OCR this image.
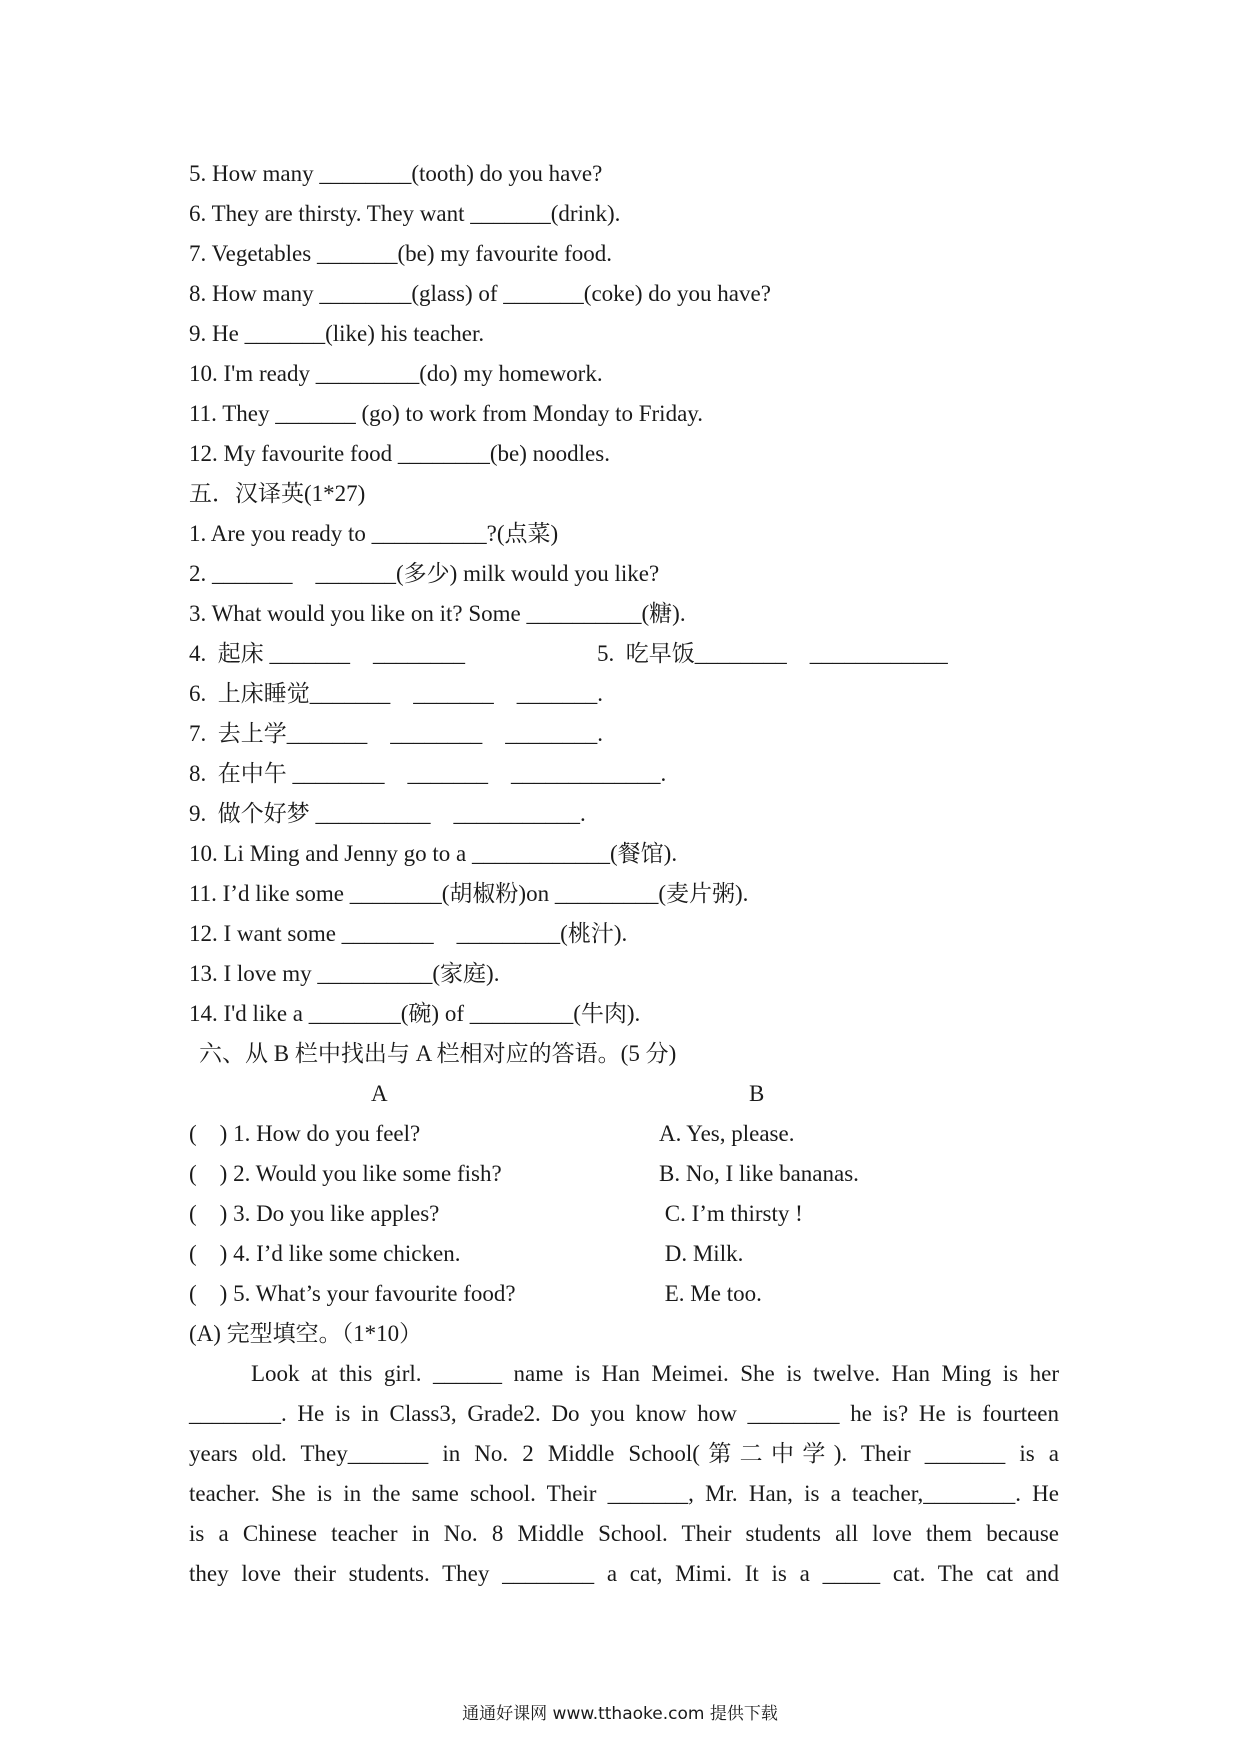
5. How many ________(tooth) do you have?
6. They are thirsty. They want _______(drink).
7. Vegetables _______(be) my favourite food.
8. How many ________(glass) of _______(coke) do you have?
9. He _______(like) his teacher.
10. I'm ready _________(do) my homework.
11. They _______ (go) to work from Monday to Friday.
12. My favourite food ________(be) noodles.
五．汉译英(1*27)
1. Are you ready to __________?(点菜)
2. _______    _______(多少) milk would you like?
3. What would you like on it? Some __________(糖).
4.  起床 _______    ________	5.  吃早饭________    ____________
6.  上床睡觉_______    _______    _______.
7.  去上学_______    ________    ________.
8.  在中午 ________    _______    _____________.
9.  做个好梦 __________    ___________.
10. Li Ming and Jenny go to a ____________(餐馆).
11. I’d like some ________(胡椒粉)on _________(麦片粥).
12. I want some ________    _________(桃汁).
13. I love my __________(家庭).
14. I'd like a ________(碗) of _________(牛肉).
六、从 B 栏中找出与 A 栏相对应的答语。(5 分)
A	B
(    ) 1. How do you feel?
(    ) 2. Would you like some fish?
(    ) 3. Do you like apples?
(    ) 4. I’d like some chicken.
(    ) 5. What’s your favourite food?
A. Yes, please.
B. No, I like bananas.
C. I’m thirsty !
D. Milk.
E. Me too.
(A) 完型填空。（1*10）
Look at this girl. ______ name is Han Meimei. She is twelve. Han Ming is her
________. He is in Class3, Grade2. Do you know how ________ he is? He is fourteen
years old. They_______ in No. 2 Middle School(第二中学). Their _______ is a
teacher. She is in the same school. Their _______, Mr. Han, is a teacher,________. He
is a Chinese teacher in No. 8 Middle School. Their students all love them because
they love their students. They ________ a cat, Mimi. It is a _____ cat. The cat and
通通好课网 www.tthaoke.com 提供下载
